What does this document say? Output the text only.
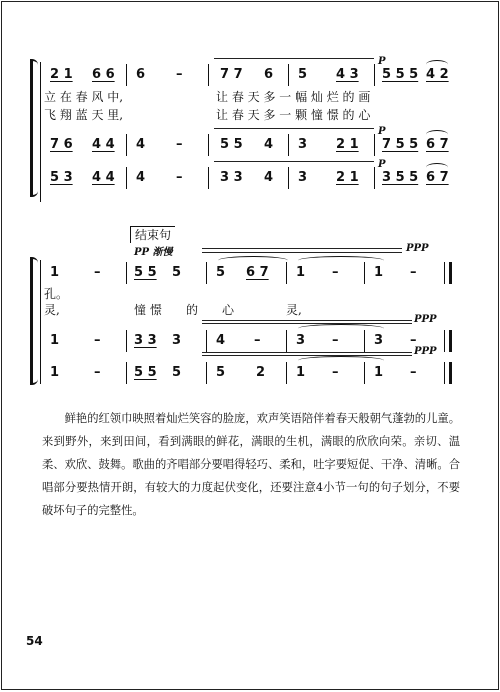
2 1 6 6 6 –	7 7 6 5 4 3 5 5 5 4 2
P
立 在 春 风 中,	让 春 天 多 一 幅 灿 烂 的 画
飞 翔 蓝 天 里,	让 春 天 多 一 颗 憧 憬 的 心
7 6 4 4 4 –	5 5 4 3 2 1 7 5 5 6 7
P
5 3 4 4 4 –	3 3 4 3 2 1 3 5 5 6 7
P
结束句
PP 渐慢	PPP
1	–	5 5 5	5 6 7 1 –	1 –
孔。
灵,	憧 憬 的 心	灵,
PPP
1	–	3 3 3	4 –	3 –	3 –
PPP
1	–	5 5 5	5 2 1 –	1 –

鲜艳的红领巾映照着灿烂笑容的脸庞，欢声笑语陪伴着春天般朝气蓬勃的儿童。来到野外，来到田间，看到满眼的鲜花，满眼的生机，满眼的欣欣向荣。亲切、温柔、欢欣、鼓舞。歌曲的齐唱部分要唱得轻巧、柔和，吐字要短促、干净、清晰。合唱部分要热情开朗，有较大的力度起伏变化，还要注意4小节一句的句子划分，不要破坏句子的完整性。

54
